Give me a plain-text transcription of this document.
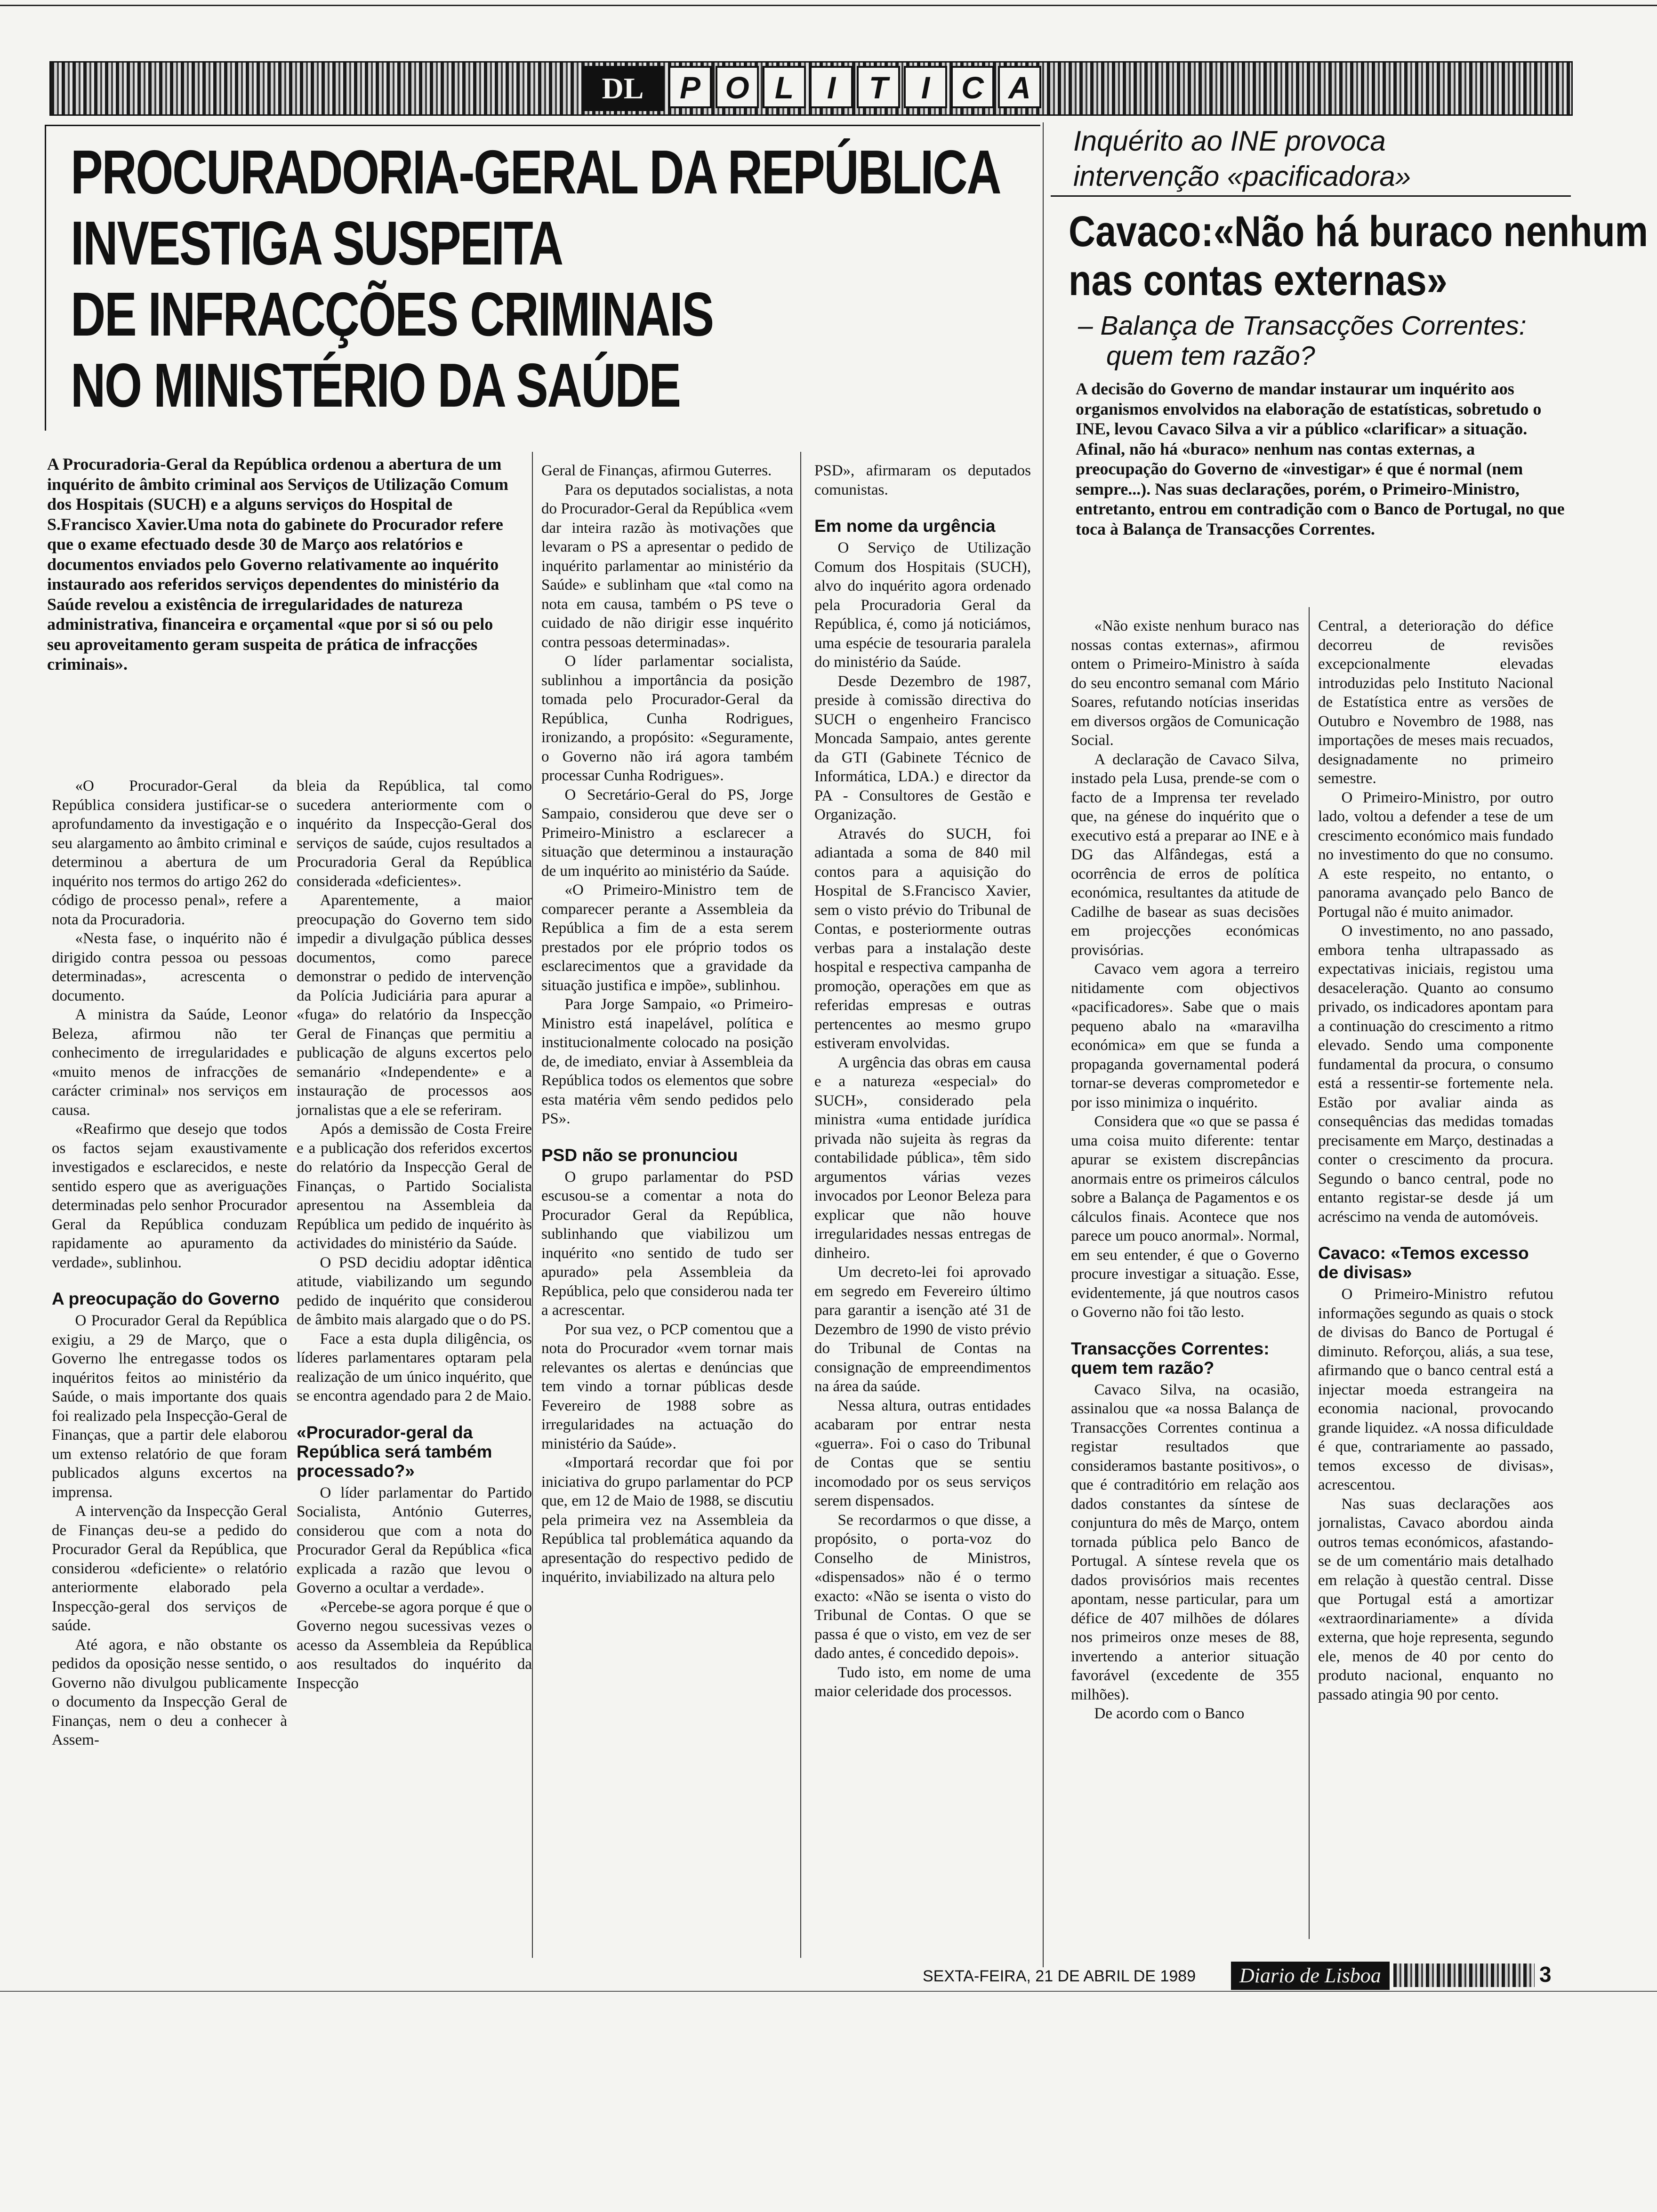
DL	P O L	I	T	I	C A
PROCURADORIA-GERAL DA REPÚBLICA
INVESTIGA SUSPEITA
DE INFRACÇÕES CRIMINAIS
NO MINISTÉRIO DA SAÚDE

A Procuradoria-Geral da República ordenou a abertura de um inquérito de âmbito criminal aos Serviços de Utilização Comum dos Hospitais (SUCH) e a alguns serviços do Hospital de S.Francisco Xavier.Uma nota do gabinete do Procurador refere que o exame efectuado desde 30 de Março aos relatórios e documentos enviados pelo Governo relativamente ao inquérito instaurado aos referidos serviços dependentes do ministério da Saúde revelou a existência de irregularidades de natureza administrativa, financeira e orçamental «que por si só ou pelo seu aproveitamento geram suspeita de prática de infracções criminais».

«O Procurador-Geral da República considera justificar-se o aprofundamento da investigação e o seu alargamento ao âmbito criminal e determinou a abertura de um inquérito nos termos do artigo 262 do código de processo penal», refere a nota da Procuradoria.

«Nesta fase, o inquérito não é dirigido contra pessoa ou pessoas determinadas», acrescenta o documento.

A ministra da Saúde, Leonor Beleza, afirmou não ter conhecimento de irregularidades e «muito menos de infracções de carácter criminal» nos serviços em causa.

«Reafirmo que desejo que todos os factos sejam exaustivamente investigados e esclarecidos, e neste sentido espero que as averiguações determinadas pelo senhor Procurador Geral da República conduzam rapidamente ao apuramento da verdade», sublinhou.

A preocupação do Governo

O Procurador Geral da República exigiu, a 29 de Março, que o Governo lhe entregasse todos os inquéritos feitos ao ministério da Saúde, o mais importante dos quais foi realizado pela Inspecção-Geral de Finanças, que a partir dele elaborou um extenso relatório de que foram publicados alguns excertos na imprensa.

A intervenção da Inspecção Geral de Finanças deu-se a pedido do Procurador Geral da República, que considerou «deficiente» o relatório anteriormente elaborado pela Inspecção-geral dos serviços de saúde.

Até agora, e não obstante os pedidos da oposição nesse sentido, o Governo não divulgou publicamente o documento da Inspecção Geral de Finanças, nem o deu a conhecer à Assem-

bleia da República, tal como sucedera anteriormente com o inquérito da Inspecção-Geral dos serviços de saúde, cujos resultados a Procuradoria Geral da República considerada «deficientes».

Aparentemente, a maior preocupação do Governo tem sido impedir a divulgação pública desses documentos, como parece demonstrar o pedido de intervenção da Polícia Judiciária para apurar a «fuga» do relatório da Inspecção Geral de Finanças que permitiu a publicação de alguns excertos pelo semanário «Independente» e a instauração de processos aos jornalistas que a ele se referiram.

Após a demissão de Costa Freire e a publicação dos referidos excertos do relatório da Inspecção Geral de Finanças, o Partido Socialista apresentou na Assembleia da República um pedido de inquérito às actividades do ministério da Saúde.

O PSD decidiu adoptar idêntica atitude, viabilizando um segundo pedido de inquérito que considerou de âmbito mais alargado que o do PS.

Face a esta dupla diligência, os líderes parlamentares optaram pela realização de um único inquérito, que se encontra agendado para 2 de Maio.

«Procurador-geral da República será também processado?»

O líder parlamentar do Partido Socialista, António Guterres, considerou que com a nota do Procurador Geral da República «fica explicada a razão que levou o Governo a ocultar a verdade».

«Percebe-se agora porque é que o Governo negou sucessivas vezes o acesso da Assembleia da República aos resultados do inquérito da Inspecção

Geral de Finanças, afirmou Guterres.

Para os deputados socialistas, a nota do Procurador-Geral da República «vem dar inteira razão às motivações que levaram o PS a apresentar o pedido de inquérito parlamentar ao ministério da Saúde» e sublinham que «tal como na nota em causa, também o PS teve o cuidado de não dirigir esse inquérito contra pessoas determinadas».

O líder parlamentar socialista, sublinhou a importância da posição tomada pelo Procurador-Geral da República, Cunha Rodrigues, ironizando, a propósito: «Seguramente, o Governo não irá agora também processar Cunha Rodrigues».

O Secretário-Geral do PS, Jorge Sampaio, considerou que deve ser o Primeiro-Ministro a esclarecer a situação que determinou a instauração de um inquérito ao ministério da Saúde.

«O Primeiro-Ministro tem de comparecer perante a Assembleia da República a fim de a esta serem prestados por ele próprio todos os esclarecimentos que a gravidade da situação justifica e impõe», sublinhou.

Para Jorge Sampaio, «o Primeiro-Ministro está inapelável, política e institucionalmente colocado na posição de, de imediato, enviar à Assembleia da República todos os elementos que sobre esta matéria vêm sendo pedidos pelo PS».

PSD não se pronunciou

O grupo parlamentar do PSD escusou-se a comentar a nota do Procurador Geral da República, sublinhando que viabilizou um inquérito «no sentido de tudo ser apurado» pela Assembleia da República, pelo que considerou nada ter a acrescentar.

Por sua vez, o PCP comentou que a nota do Procurador «vem tornar mais relevantes os alertas e denúncias que tem vindo a tornar públicas desde Fevereiro de 1988 sobre as irregularidades na actuação do ministério da Saúde».

«Importará recordar que foi por iniciativa do grupo parlamentar do PCP que, em 12 de Maio de 1988, se discutiu pela primeira vez na Assembleia da República tal problemática aquando da apresentação do respectivo pedido de inquérito, inviabilizado na altura pelo

PSD», afirmaram os deputados comunistas.

Em nome da urgência

O Serviço de Utilização Comum dos Hospitais (SUCH), alvo do inquérito agora ordenado pela Procuradoria Geral da República, é, como já noticiámos, uma espécie de tesouraria paralela do ministério da Saúde.

Desde Dezembro de 1987, preside à comissão directiva do SUCH o engenheiro Francisco Moncada Sampaio, antes gerente da GTI (Gabinete Técnico de Informática, LDA.) e director da PA - Consultores de Gestão e Organização.

Através do SUCH, foi adiantada a soma de 840 mil contos para a aquisição do Hospital de S.Francisco Xavier, sem o visto prévio do Tribunal de Contas, e posteriormente outras verbas para a instalação deste hospital e respectiva campanha de promoção, operações em que as referidas empresas e outras pertencentes ao mesmo grupo estiveram envolvidas.

A urgência das obras em causa e a natureza «especial» do SUCH», considerado pela ministra «uma entidade jurídica privada não sujeita às regras da contabilidade pública», têm sido argumentos várias vezes invocados por Leonor Beleza para explicar que não houve irregularidades nessas entregas de dinheiro.

Um decreto-lei foi aprovado em segredo em Fevereiro último para garantir a isenção até 31 de Dezembro de 1990 de visto prévio do Tribunal de Contas na consignação de empreendimentos na área da saúde.

Nessa altura, outras entidades acabaram por entrar nesta «guerra». Foi o caso do Tribunal de Contas que se sentiu incomodado por os seus serviços serem dispensados.

Se recordarmos o que disse, a propósito, o porta-voz do Conselho de Ministros, «dispensados» não é o termo exacto: «Não se isenta o visto do Tribunal de Contas. O que se passa é que o visto, em vez de ser dado antes, é concedido depois».

Tudo isto, em nome de uma maior celeridade dos processos.

Inquérito ao INE provoca
intervenção «pacificadora»
Cavaco:«Não há buraco nenhum
nas contas externas»

– Balança de Transacções Correntes:
quem tem razão?

A decisão do Governo de mandar instaurar um inquérito aos organismos envolvidos na elaboração de estatísticas, sobretudo o INE, levou Cavaco Silva a vir a público «clarificar» a situação. Afinal, não há «buraco» nenhum nas contas externas, a preocupação do Governo de «investigar» é que é normal (nem sempre...). Nas suas declarações, porém, o Primeiro-Ministro, entretanto, entrou em contradição com o Banco de Portugal, no que toca à Balança de Transacções Correntes.

«Não existe nenhum buraco nas nossas contas externas», afirmou ontem o Primeiro-Ministro à saída do seu encontro semanal com Mário Soares, refutando notícias inseridas em diversos orgãos de Comunicação Social.

A declaração de Cavaco Silva, instado pela Lusa, prende-se com o facto de a Imprensa ter revelado que, na génese do inquérito que o executivo está a preparar ao INE e à DG das Alfândegas, está a ocorrência de erros de política económica, resultantes da atitude de Cadilhe de basear as suas decisões em projecções económicas provisórias.

Cavaco vem agora a terreiro nitidamente com objectivos «pacificadores». Sabe que o mais pequeno abalo na «maravilha económica» em que se funda a propaganda governamental poderá tornar-se deveras comprometedor e por isso minimiza o inquérito.

Considera que «o que se passa é uma coisa muito diferente: tentar apurar se existem discrepâncias anormais entre os primeiros cálculos sobre a Balança de Pagamentos e os cálculos finais. Acontece que nos parece um pouco anormal». Normal, em seu entender, é que o Governo procure investigar a situação. Esse, evidentemente, já que noutros casos o Governo não foi tão lesto.

Transacções Correntes: quem tem razão?

Cavaco Silva, na ocasião, assinalou que «a nossa Balança de Transacções Correntes continua a registar resultados que consideramos bastante positivos», o que é contraditório em relação aos dados constantes da síntese de conjuntura do mês de Março, ontem tornada pública pelo Banco de Portugal. A síntese revela que os dados provisórios mais recentes apontam, nesse particular, para um défice de 407 milhões de dólares nos primeiros onze meses de 88, invertendo a anterior situação favorável (excedente de 355 milhões).

De acordo com o Banco

Central, a deterioração do défice decorreu de revisões excepcionalmente elevadas introduzidas pelo Instituto Nacional de Estatística entre as versões de Outubro e Novembro de 1988, nas importações de meses mais recuados, designadamente no primeiro semestre.

O Primeiro-Ministro, por outro lado, voltou a defender a tese de um crescimento económico mais fundado no investimento do que no consumo. A este respeito, no entanto, o panorama avançado pelo Banco de Portugal não é muito animador.

O investimento, no ano passado, embora tenha ultrapassado as expectativas iniciais, registou uma desaceleração. Quanto ao consumo privado, os indicadores apontam para a continuação do crescimento a ritmo elevado. Sendo uma componente fundamental da procura, o consumo está a ressentir-se fortemente nela. Estão por avaliar ainda as consequências das medidas tomadas precisamente em Março, destinadas a conter o crescimento da procura. Segundo o banco central, pode no entanto registar-se desde já um acréscimo na venda de automóveis.

Cavaco: «Temos excesso de divisas»

O Primeiro-Ministro refutou informações segundo as quais o stock de divisas do Banco de Portugal é diminuto. Reforçou, aliás, a sua tese, afirmando que o banco central está a injectar moeda estrangeira na economia nacional, provocando grande liquidez. «A nossa dificuldade é que, contrariamente ao passado, temos excesso de divisas», acrescentou.

Nas suas declarações aos jornalistas, Cavaco abordou ainda outros temas económicos, afastando-se de um comentário mais detalhado em relação à questão central. Disse que Portugal está a amortizar «extraordinariamente» a dívida externa, que hoje representa, segundo ele, menos de 40 por cento do produto nacional, enquanto no passado atingia 90 por cento.

SEXTA-FEIRA, 21 DE ABRIL DE 1989	Diario de Lisboa	3
